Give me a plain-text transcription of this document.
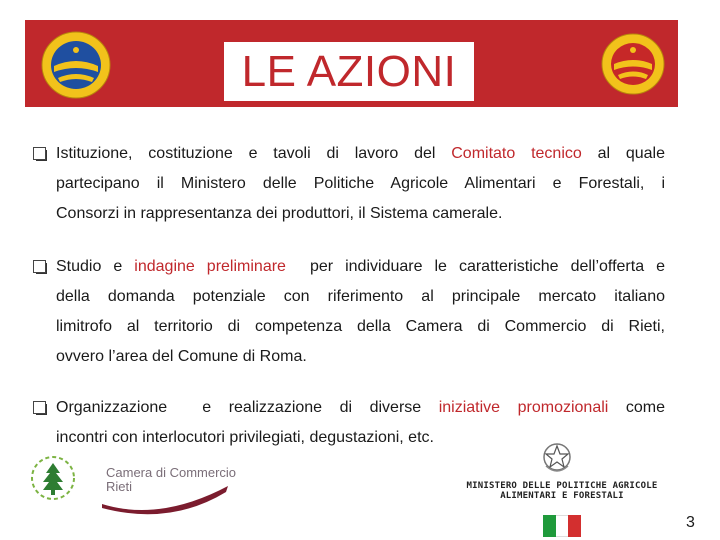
LE AZIONI
Istituzione, costituzione e tavoli di lavoro del Comitato tecnico al quale
partecipano il Ministero delle Politiche Agricole Alimentari e Forestali, i
Consorzi in rappresentanza dei produttori, il Sistema camerale.
Studio e indagine preliminare  per individuare le caratteristiche dell’offerta e
della domanda potenziale con riferimento al principale mercato italiano
limitrofo al territorio di competenza della Camera di Commercio di Rieti,
ovvero l’area del Comune di Roma.
Organizzazione  e realizzazione di diverse iniziative promozionali come
incontri con interlocutori privilegiati, degustazioni, etc.
Camera di Commercio
Rieti	MINISTERO DELLE POLITICHE AGRICOLE
ALIMENTARI E FORESTALI
3
